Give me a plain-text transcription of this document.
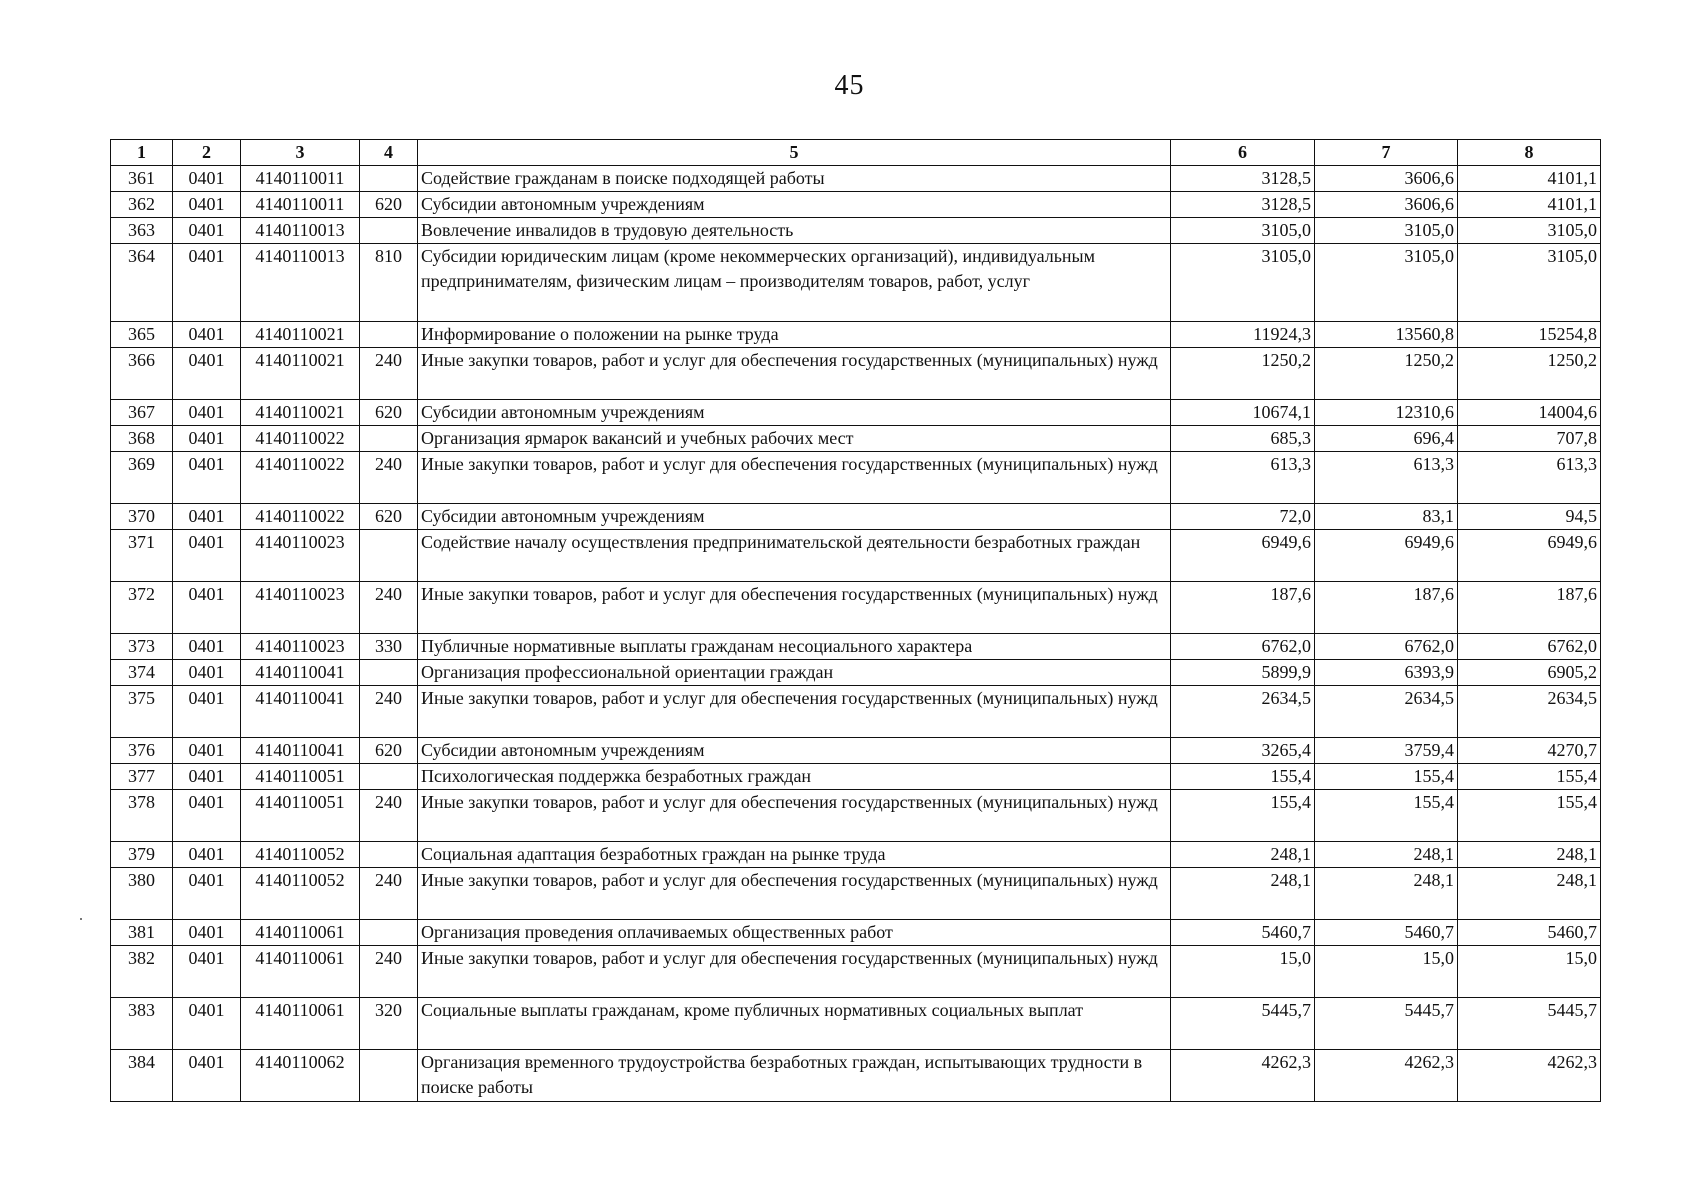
45
1	2	3	4	5	6	7	8
361	0401	4140110011		Содействие гражданам в поиске подходящей работы	3128,5	3606,6	4101,1
362	0401	4140110011	620	Субсидии автономным учреждениям	3128,5	3606,6	4101,1
363	0401	4140110013		Вовлечение инвалидов в трудовую деятельность	3105,0	3105,0	3105,0
364	0401	4140110013	810	Субсидии юридическим лицам (кроме некоммерческих организаций), индивидуальным предпринимателям, физическим лицам – производителям товаров, работ, услуг	3105,0	3105,0	3105,0
365	0401	4140110021		Информирование о положении на рынке труда	11924,3	13560,8	15254,8
366	0401	4140110021	240	Иные закупки товаров, работ и услуг для обеспечения государственных (муниципальных) нужд	1250,2	1250,2	1250,2
367	0401	4140110021	620	Субсидии автономным учреждениям	10674,1	12310,6	14004,6
368	0401	4140110022		Организация ярмарок вакансий и учебных рабочих мест	685,3	696,4	707,8
369	0401	4140110022	240	Иные закупки товаров, работ и услуг для обеспечения государственных (муниципальных) нужд	613,3	613,3	613,3
370	0401	4140110022	620	Субсидии автономным учреждениям	72,0	83,1	94,5
371	0401	4140110023		Содействие началу осуществления предпринимательской деятельности безработных граждан	6949,6	6949,6	6949,6
372	0401	4140110023	240	Иные закупки товаров, работ и услуг для обеспечения государственных (муниципальных) нужд	187,6	187,6	187,6
373	0401	4140110023	330	Публичные нормативные выплаты гражданам несоциального характера	6762,0	6762,0	6762,0
374	0401	4140110041		Организация профессиональной ориентации граждан	5899,9	6393,9	6905,2
375	0401	4140110041	240	Иные закупки товаров, работ и услуг для обеспечения государственных (муниципальных) нужд	2634,5	2634,5	2634,5
376	0401	4140110041	620	Субсидии автономным учреждениям	3265,4	3759,4	4270,7
377	0401	4140110051		Психологическая поддержка безработных граждан	155,4	155,4	155,4
378	0401	4140110051	240	Иные закупки товаров, работ и услуг для обеспечения государственных (муниципальных) нужд	155,4	155,4	155,4
379	0401	4140110052		Социальная адаптация безработных граждан на рынке труда	248,1	248,1	248,1
380	0401	4140110052	240	Иные закупки товаров, работ и услуг для обеспечения государственных (муниципальных) нужд	248,1	248,1	248,1
381	0401	4140110061		Организация проведения оплачиваемых общественных работ	5460,7	5460,7	5460,7
382	0401	4140110061	240	Иные закупки товаров, работ и услуг для обеспечения государственных (муниципальных) нужд	15,0	15,0	15,0
383	0401	4140110061	320	Социальные выплаты гражданам, кроме публичных нормативных социальных выплат	5445,7	5445,7	5445,7
384	0401	4140110062		Организация временного трудоустройства безработных граждан, испытывающих трудности в поиске работы	4262,3	4262,3	4262,3
